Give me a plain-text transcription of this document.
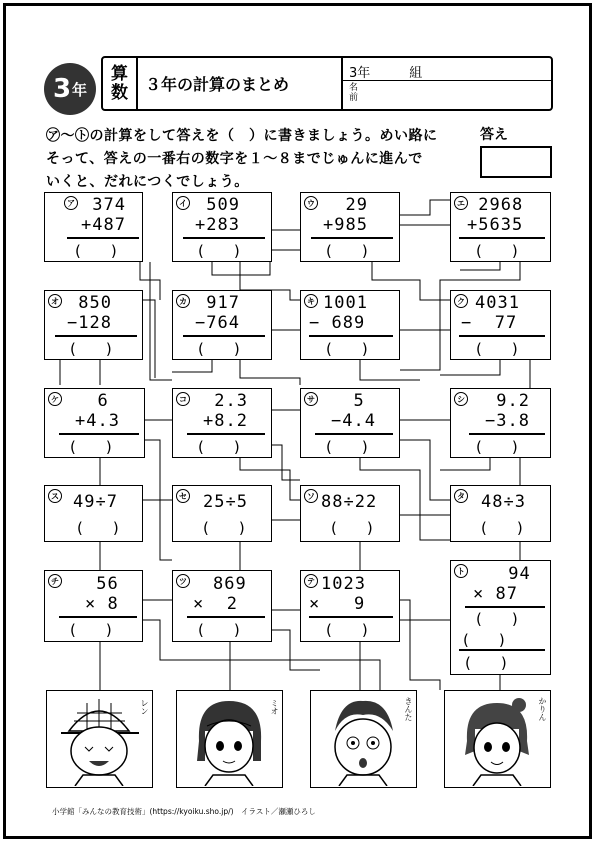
3 年
算
数 ３年の計算のまとめ
3年　　　組
名
前
㋐〜㋣の計算をして答えを（　）に書きましょう。めい路に
そって、答えの一番右の数字を１〜８までじゅんに進んで
いくと、だれにつくでしょう。
答え
ア 374
+487
(　　)
イ 509
+283
(　　)
ウ 29
+985
(　　)
エ 2968
+5635
(　　)
オ 850
−128
(　　)
カ 917
−764
(　　)
キ 1001
− 689
(　　)
ク 4031
−  77
(　　)
ケ 6
+4.3
(　　)
コ 2.3
+8.2
(　　)
サ 5
−4.4
(　　)
シ 9.2
−3.8
(　　)
ス 49÷7
(　　)
セ 25÷5
(　　)
ソ 88÷22
(　　)
タ 48÷3
(　　)
チ 56
× 8
(　　)
ツ 869
×  2
(　　)
テ 1023
×   9
(　　)
ト 94
× 87
(　　)
(　　)
(　　)
レン	ミオ	きんた	かりん
小学館「みんなの教育技術」(https://kyoiku.sho.jp/)　イラスト／瀬瀬ひろし
